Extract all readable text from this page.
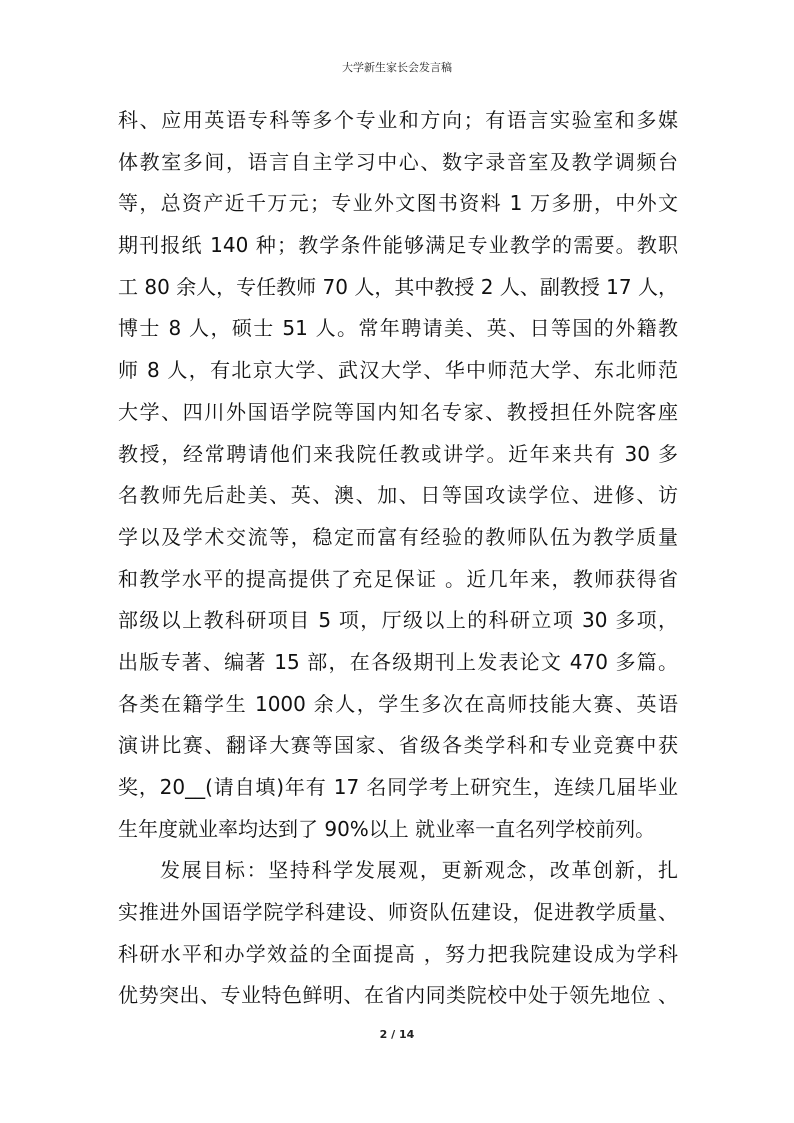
大学新生家长会发言稿
科、应用英语专科等多个专业和方向；有语言实验室和多媒
体教室多间，语言自主学习中心、数字录音室及教学调频台
等，总资产近千万元；专业外文图书资料 1 万多册，中外文
期刊报纸 140 种；教学条件能够满足专业教学的需要。教职
工 80 余人，专任教师 70 人，其中教授 2 人、副教授 17 人，
博士 8 人，硕士 51 人。常年聘请美、英、日等国的外籍教
师 8 人，有北京大学、武汉大学、华中师范大学、东北师范
大学、四川外国语学院等国内知名专家、教授担任外院客座
教授，经常聘请他们来我院任教或讲学。近年来共有 30 多
名教师先后赴美、英、澳、加、日等国攻读学位、进修、访
学以及学术交流等，稳定而富有经验的教师队伍为教学质量
和教学水平的提高提供了充足保证 。近几年来，教师获得省
部级以上教科研项目 5 项，厅级以上的科研立项 30 多项，
出版专著、编著 15 部，在各级期刊上发表论文 470 多篇。
各类在籍学生 1000 余人，学生多次在高师技能大赛、英语
演讲比赛、翻译大赛等国家、省级各类学科和专业竞赛中获
奖，20__(请自填)年有 17 名同学考上研究生，连续几届毕业
生年度就业率均达到了 90%以上 就业率一直名列学校前列。
发展目标：坚持科学发展观，更新观念，改革创新，扎
实推进外国语学院学科建设、师资队伍建设，促进教学质量、
科研水平和办学效益的全面提高 ，努力把我院建设成为学科
优势突出、专业特色鲜明、在省内同类院校中处于领先地位 、
2 / 14
